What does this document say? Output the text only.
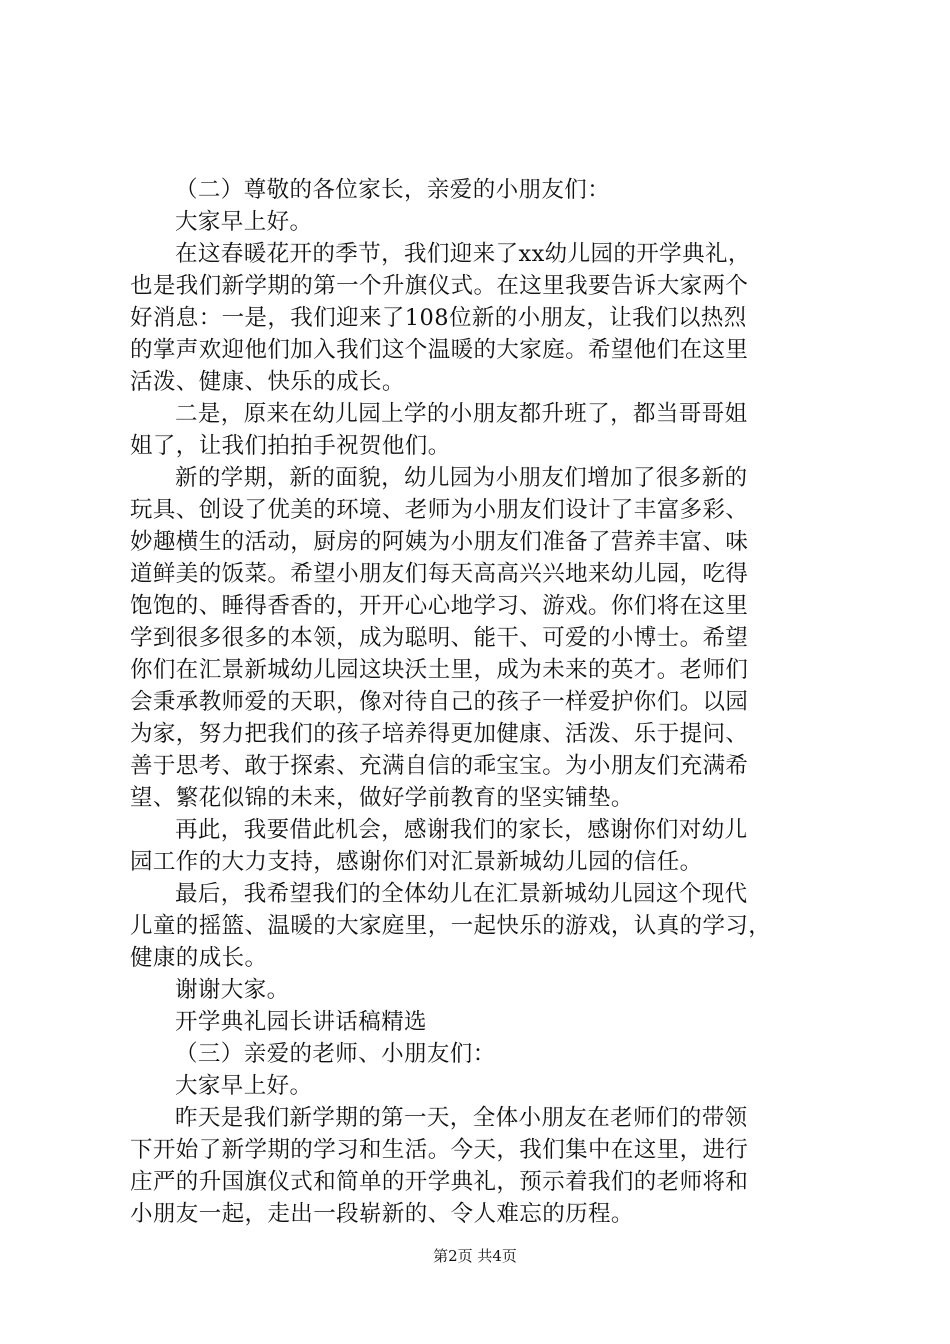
（二）尊敬的各位家长，亲爱的小朋友们：
大家早上好。
在这春暖花开的季节，我们迎来了xx幼儿园的开学典礼，
也是我们新学期的第一个升旗仪式。在这里我要告诉大家两个
好消息：一是，我们迎来了108位新的小朋友，让我们以热烈
的掌声欢迎他们加入我们这个温暖的大家庭。希望他们在这里
活泼、健康、快乐的成长。
二是，原来在幼儿园上学的小朋友都升班了，都当哥哥姐
姐了，让我们拍拍手祝贺他们。
新的学期，新的面貌，幼儿园为小朋友们增加了很多新的
玩具、创设了优美的环境、老师为小朋友们设计了丰富多彩、
妙趣横生的活动，厨房的阿姨为小朋友们准备了营养丰富、味
道鲜美的饭菜。希望小朋友们每天高高兴兴地来幼儿园，吃得
饱饱的、睡得香香的，开开心心地学习、游戏。你们将在这里
学到很多很多的本领，成为聪明、能干、可爱的小博士。希望
你们在汇景新城幼儿园这块沃土里，成为未来的英才。老师们
会秉承教师爱的天职，像对待自己的孩子一样爱护你们。以园
为家，努力把我们的孩子培养得更加健康、活泼、乐于提问、
善于思考、敢于探索、充满自信的乖宝宝。为小朋友们充满希
望、繁花似锦的未来，做好学前教育的坚实铺垫。
再此，我要借此机会，感谢我们的家长，感谢你们对幼儿
园工作的大力支持，感谢你们对汇景新城幼儿园的信任。
最后，我希望我们的全体幼儿在汇景新城幼儿园这个现代
儿童的摇篮、温暖的大家庭里，一起快乐的游戏，认真的学习，
健康的成长。
谢谢大家。
开学典礼园长讲话稿精选
（三）亲爱的老师、小朋友们：
大家早上好。
昨天是我们新学期的第一天，全体小朋友在老师们的带领
下开始了新学期的学习和生活。今天，我们集中在这里，进行
庄严的升国旗仪式和简单的开学典礼，预示着我们的老师将和
小朋友一起，走出一段崭新的、令人难忘的历程。
第2页 共4页
